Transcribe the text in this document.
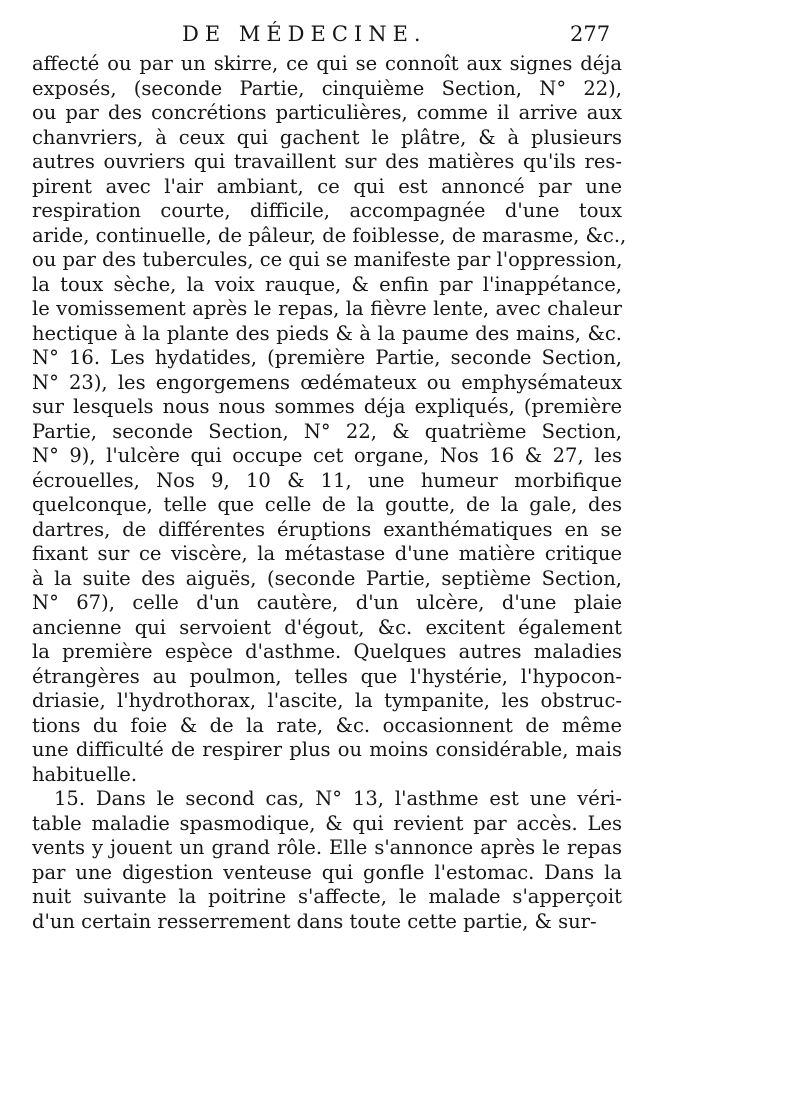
DE MÉDECINE.	277
affecté ou par un skirre, ce qui se connoît aux signes déja
exposés, (seconde Partie, cinquième Section, N° 22),
ou par des concrétions particulières, comme il arrive aux
chanvriers, à ceux qui gachent le plâtre, & à plusieurs
autres ouvriers qui travaillent sur des matières qu'ils res-
pirent avec l'air ambiant, ce qui est annoncé par une
respiration courte, difficile, accompagnée d'une toux
aride, continuelle, de pâleur, de foiblesse, de marasme, &c.,
ou par des tubercules, ce qui se manifeste par l'oppression,
la toux sèche, la voix rauque, & enfin par l'inappétance,
le vomissement après le repas, la fièvre lente, avec chaleur
hectique à la plante des pieds & à la paume des mains, &c.
N° 16. Les hydatides, (première Partie, seconde Section,
N° 23), les engorgemens œdémateux ou emphysémateux
sur lesquels nous nous sommes déja expliqués, (première
Partie, seconde Section, N° 22, & quatrième Section,
N° 9), l'ulcère qui occupe cet organe, Nos 16 & 27, les
écrouelles, Nos 9, 10 & 11, une humeur morbifique
quelconque, telle que celle de la goutte, de la gale, des
dartres, de différentes éruptions exanthématiques en se
fixant sur ce viscère, la métastase d'une matière critique
à la suite des aiguës, (seconde Partie, septième Section,
N° 67), celle d'un cautère, d'un ulcère, d'une plaie
ancienne qui servoient d'égout, &c. excitent également
la première espèce d'asthme. Quelques autres maladies
étrangères au poulmon, telles que l'hystérie, l'hypocon-
driasie, l'hydrothorax, l'ascite, la tympanite, les obstruc-
tions du foie & de la rate, &c. occasionnent de même
une difficulté de respirer plus ou moins considérable, mais
habituelle.
15. Dans le second cas, N° 13, l'asthme est une véri-
table maladie spasmodique, & qui revient par accès. Les
vents y jouent un grand rôle. Elle s'annonce après le repas
par une digestion venteuse qui gonfle l'estomac. Dans la
nuit suivante la poitrine s'affecte, le malade s'apperçoit
d'un certain resserrement dans toute cette partie, & sur-
